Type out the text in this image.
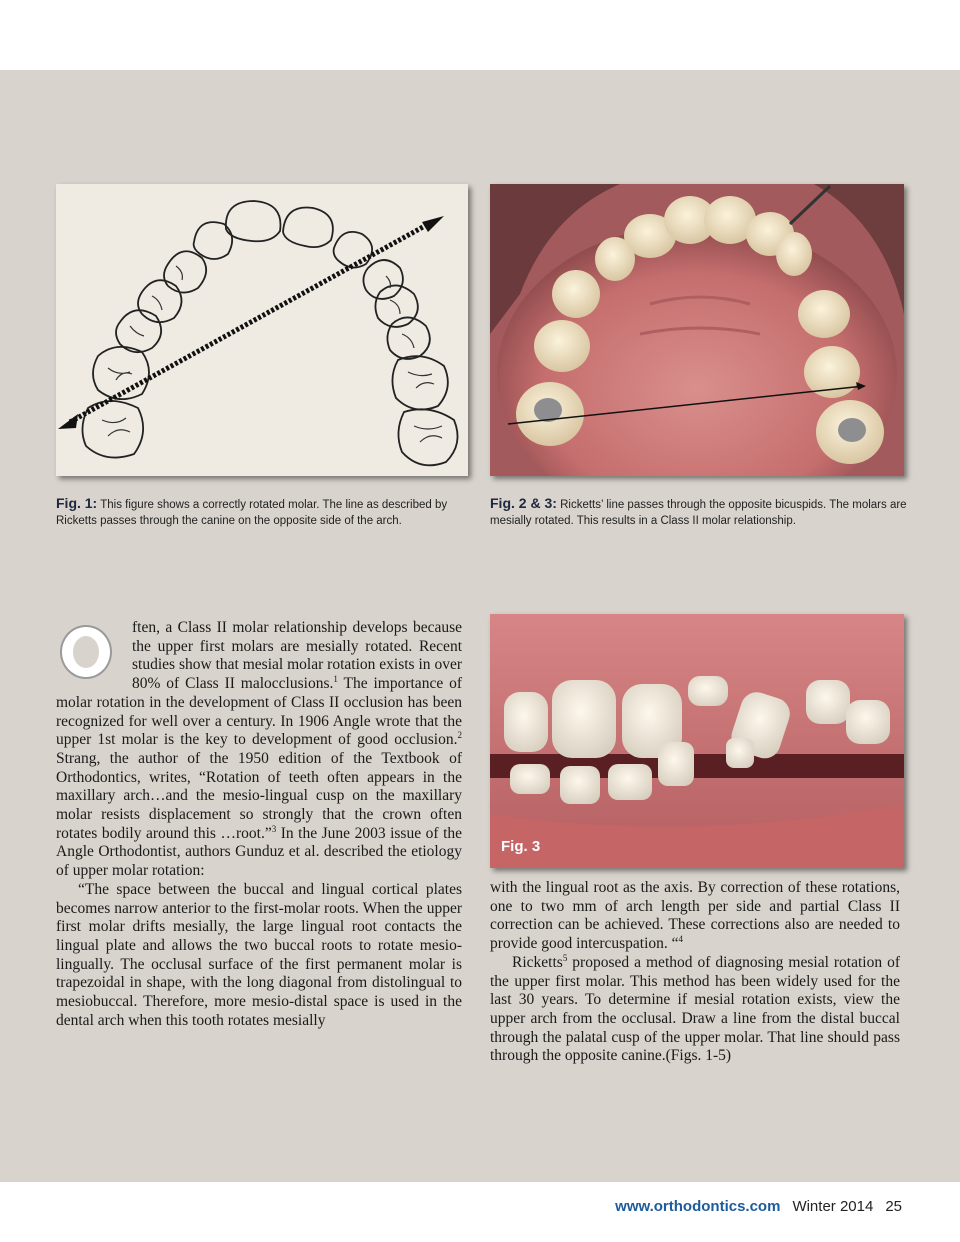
Fig. 1: This figure shows a correctly rotated molar. The line as described by Ricketts passes through the canine on the opposite side of the arch.
Fig. 2 & 3: Ricketts’ line passes through the opposite bicuspids. The molars are mesially rotated. This results in a Class II molar relationship.
Fig. 3
O

ften, a Class II molar relationship develops because the upper first molars are mesially rotated. Recent studies show that mesial molar rotation exists in over 80% of Class II malocclusions.$^1$ The importance of molar rotation in the development of Class II occlusion has been recognized for well over a century. In 1906 Angle wrote that the upper 1st molar is the key to development of good occlusion.$^2$ Strang, the author of the 1950 edition of the Textbook of Orthodontics, writes, “Rotation of teeth often appears in the maxillary arch…and the mesio-lingual cusp on the maxillary molar resists displacement so strongly that the crown often rotates bodily around this …root.”$^3$ In the June 2003 issue of the Angle Orthodontist, authors Gunduz et al. described the etiology of upper molar rotation:

“The space between the buccal and lingual cortical plates becomes narrow anterior to the first-molar roots. When the upper first molar drifts mesially, the large lingual root contacts the lingual plate and allows the two buccal roots to rotate mesio-lingually. The occlusal surface of the first permanent molar is trapezoidal in shape, with the long diagonal from distolingual to mesiobuccal. Therefore, more mesio-distal space is used in the dental arch when this tooth rotates mesially

with the lingual root as the axis. By correction of these rotations, one to two mm of arch length per side and partial Class II correction can be achieved. These corrections also are needed to provide good intercuspation. “$^4$

Ricketts$^5$ proposed a method of diagnosing mesial rotation of the upper first molar. This method has been widely used for the last 30 years. To determine if mesial rotation exists, view the upper arch from the occlusal. Draw a line from the distal buccal through the palatal cusp of the upper molar. That line should pass through the opposite canine.(Figs. 1-5)

www.orthodontics.com Winter 2014 25
